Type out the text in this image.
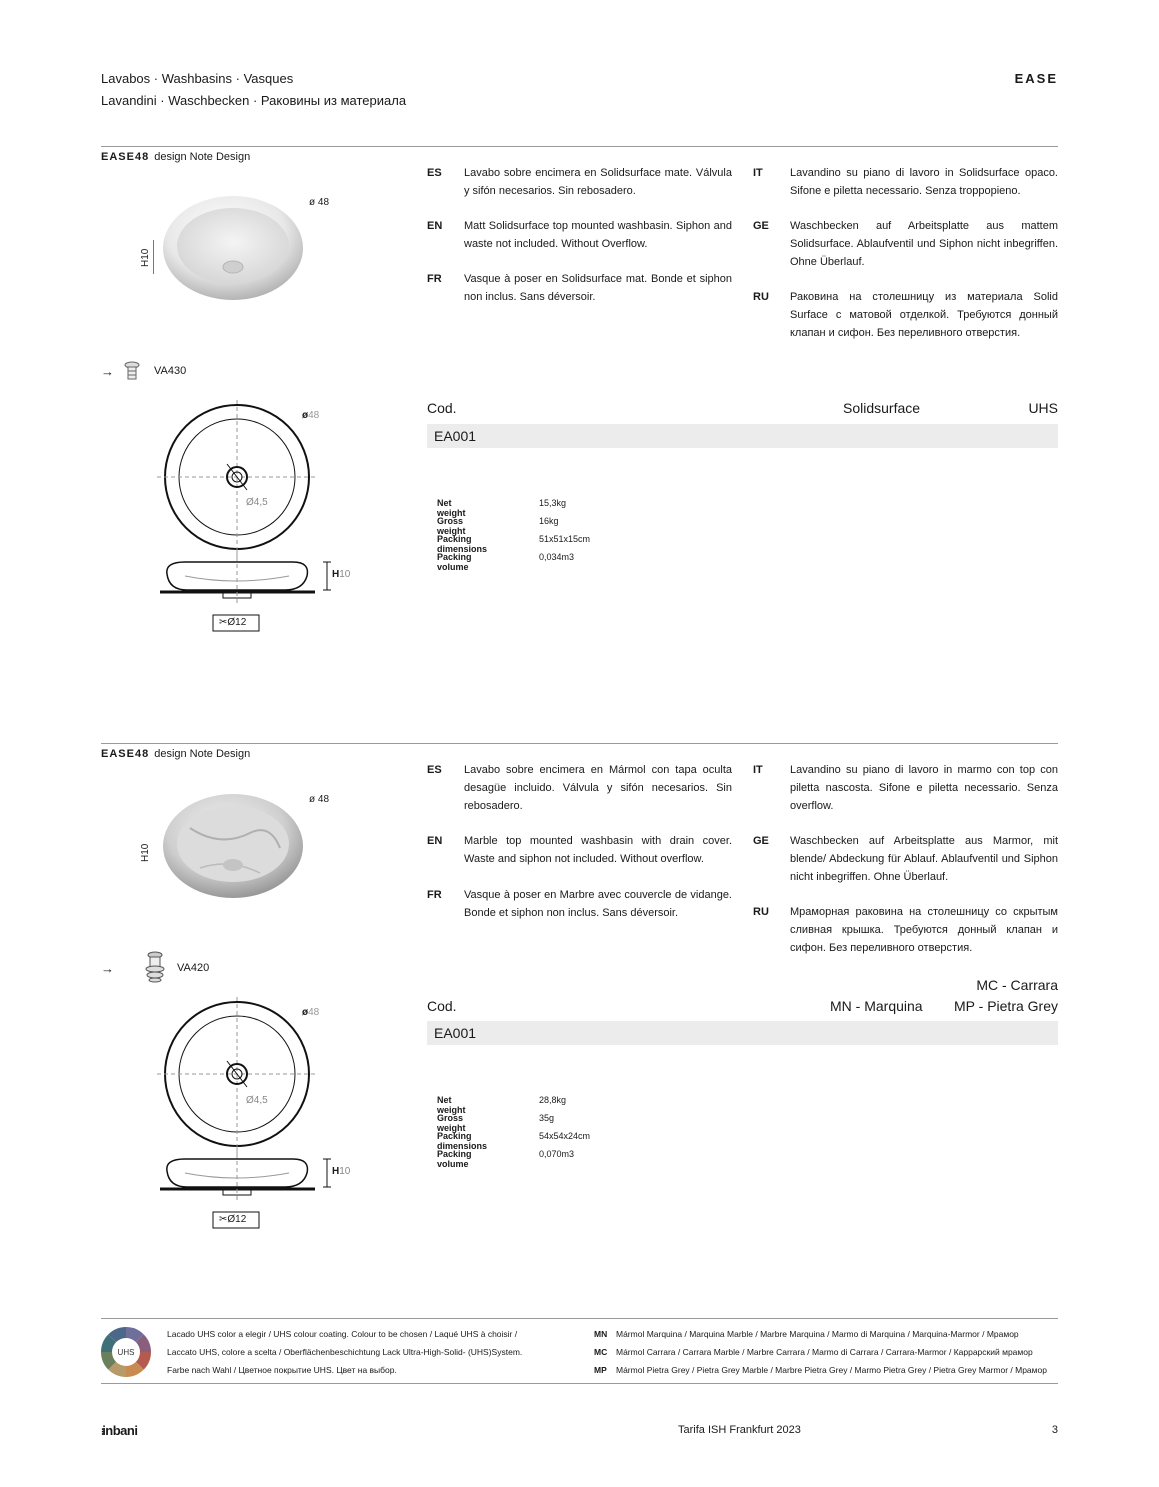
Lavabos · Washbasins · Vasques
Lavandini · Waschbecken · Раковины из материала
EASE
EASE48 design Note Design
ø 48
H10
→	VA430
ES Lavabo sobre encimera en Solidsurface mate. Válvula y sifón necesarios. Sin rebosadero.
EN Matt Solidsurface top mounted washbasin. Siphon and waste not included. Without Overflow.
FR Vasque à poser en Solidsurface mat. Bonde et siphon non inclus. Sans déversoir.
IT Lavandino su piano di lavoro in Solidsurface opaco. Sifone e piletta necessario. Senza troppopieno.
GE Waschbecken auf Arbeitsplatte aus mattem Solidsurface. Ablaufventil und Siphon nicht inbegriffen. Ohne Überlauf.
RU Раковина на столешницу из материала Solid Surface с матовой отделкой. Требуются донный клапан и сифон. Без переливного отверстия.
ø48
Ø4,5
H10
✂Ø12
Cod.	Solidsurface	UHS
EA001
Net weight
15,3kg
Gross weight
16kg
Packing dimensions
51x51x15cm
Packing volume
0,034m3
EASE48 design Note Design
ø 48
H10
→	VA420
ES Lavabo sobre encimera en Mármol con tapa oculta desagüe incluido. Válvula y sifón necesarios. Sin rebosadero.
EN Marble top mounted washbasin with drain cover. Waste and siphon not included. Without overflow.
FR Vasque à poser en Marbre avec couvercle de vidange. Bonde et siphon non inclus. Sans déversoir.
IT Lavandino su piano di lavoro in marmo con top con piletta nascosta. Sifone e piletta necessario. Senza overflow.
GE Waschbecken auf Arbeitsplatte aus Marmor, mit blende/ Abdeckung für Ablauf. Ablaufventil und Siphon nicht inbegriffen. Ohne Überlauf.
RU Мраморная раковина на столешницу со скрытым сливная крышка. Требуются донный клапан и сифон. Без переливного отверстия.
ø48
Ø4,5
H10
✂Ø12
MC - Carrara
Cod.	MN - Marquina MP - Pietra Grey
EA001
Net weight
28,8kg
Gross weight
35g
Packing dimensions
54x54x24cm
Packing volume
0,070m3
UHS
Lacado UHS color a elegir / UHS colour coating. Colour to be chosen / Laqué UHS à choisir /
Laccato UHS, colore a scelta / Oberflächenbeschichtung Lack Ultra-High-Solid- (UHS)System.
Farbe nach Wahl / Цветное покрытие UHS. Цвет на выбор.
MN Mármol Marquina / Marquina Marble / Marbre Marquina / Marmo di Marquina / Marquina-Marmor / Мрамор
MC Mármol Carrara / Carrara Marble / Marbre Carrara / Marmo di Carrara / Carrara-Marmor / Каррарский мрамор
MP Mármol Pietra Grey / Pietra Grey Marble / Marbre Pietra Grey / Marmo Pietra Grey / Pietra Grey Marmor / Мрамор
⁝inbani	Tarifa ISH Frankfurt 2023	3
